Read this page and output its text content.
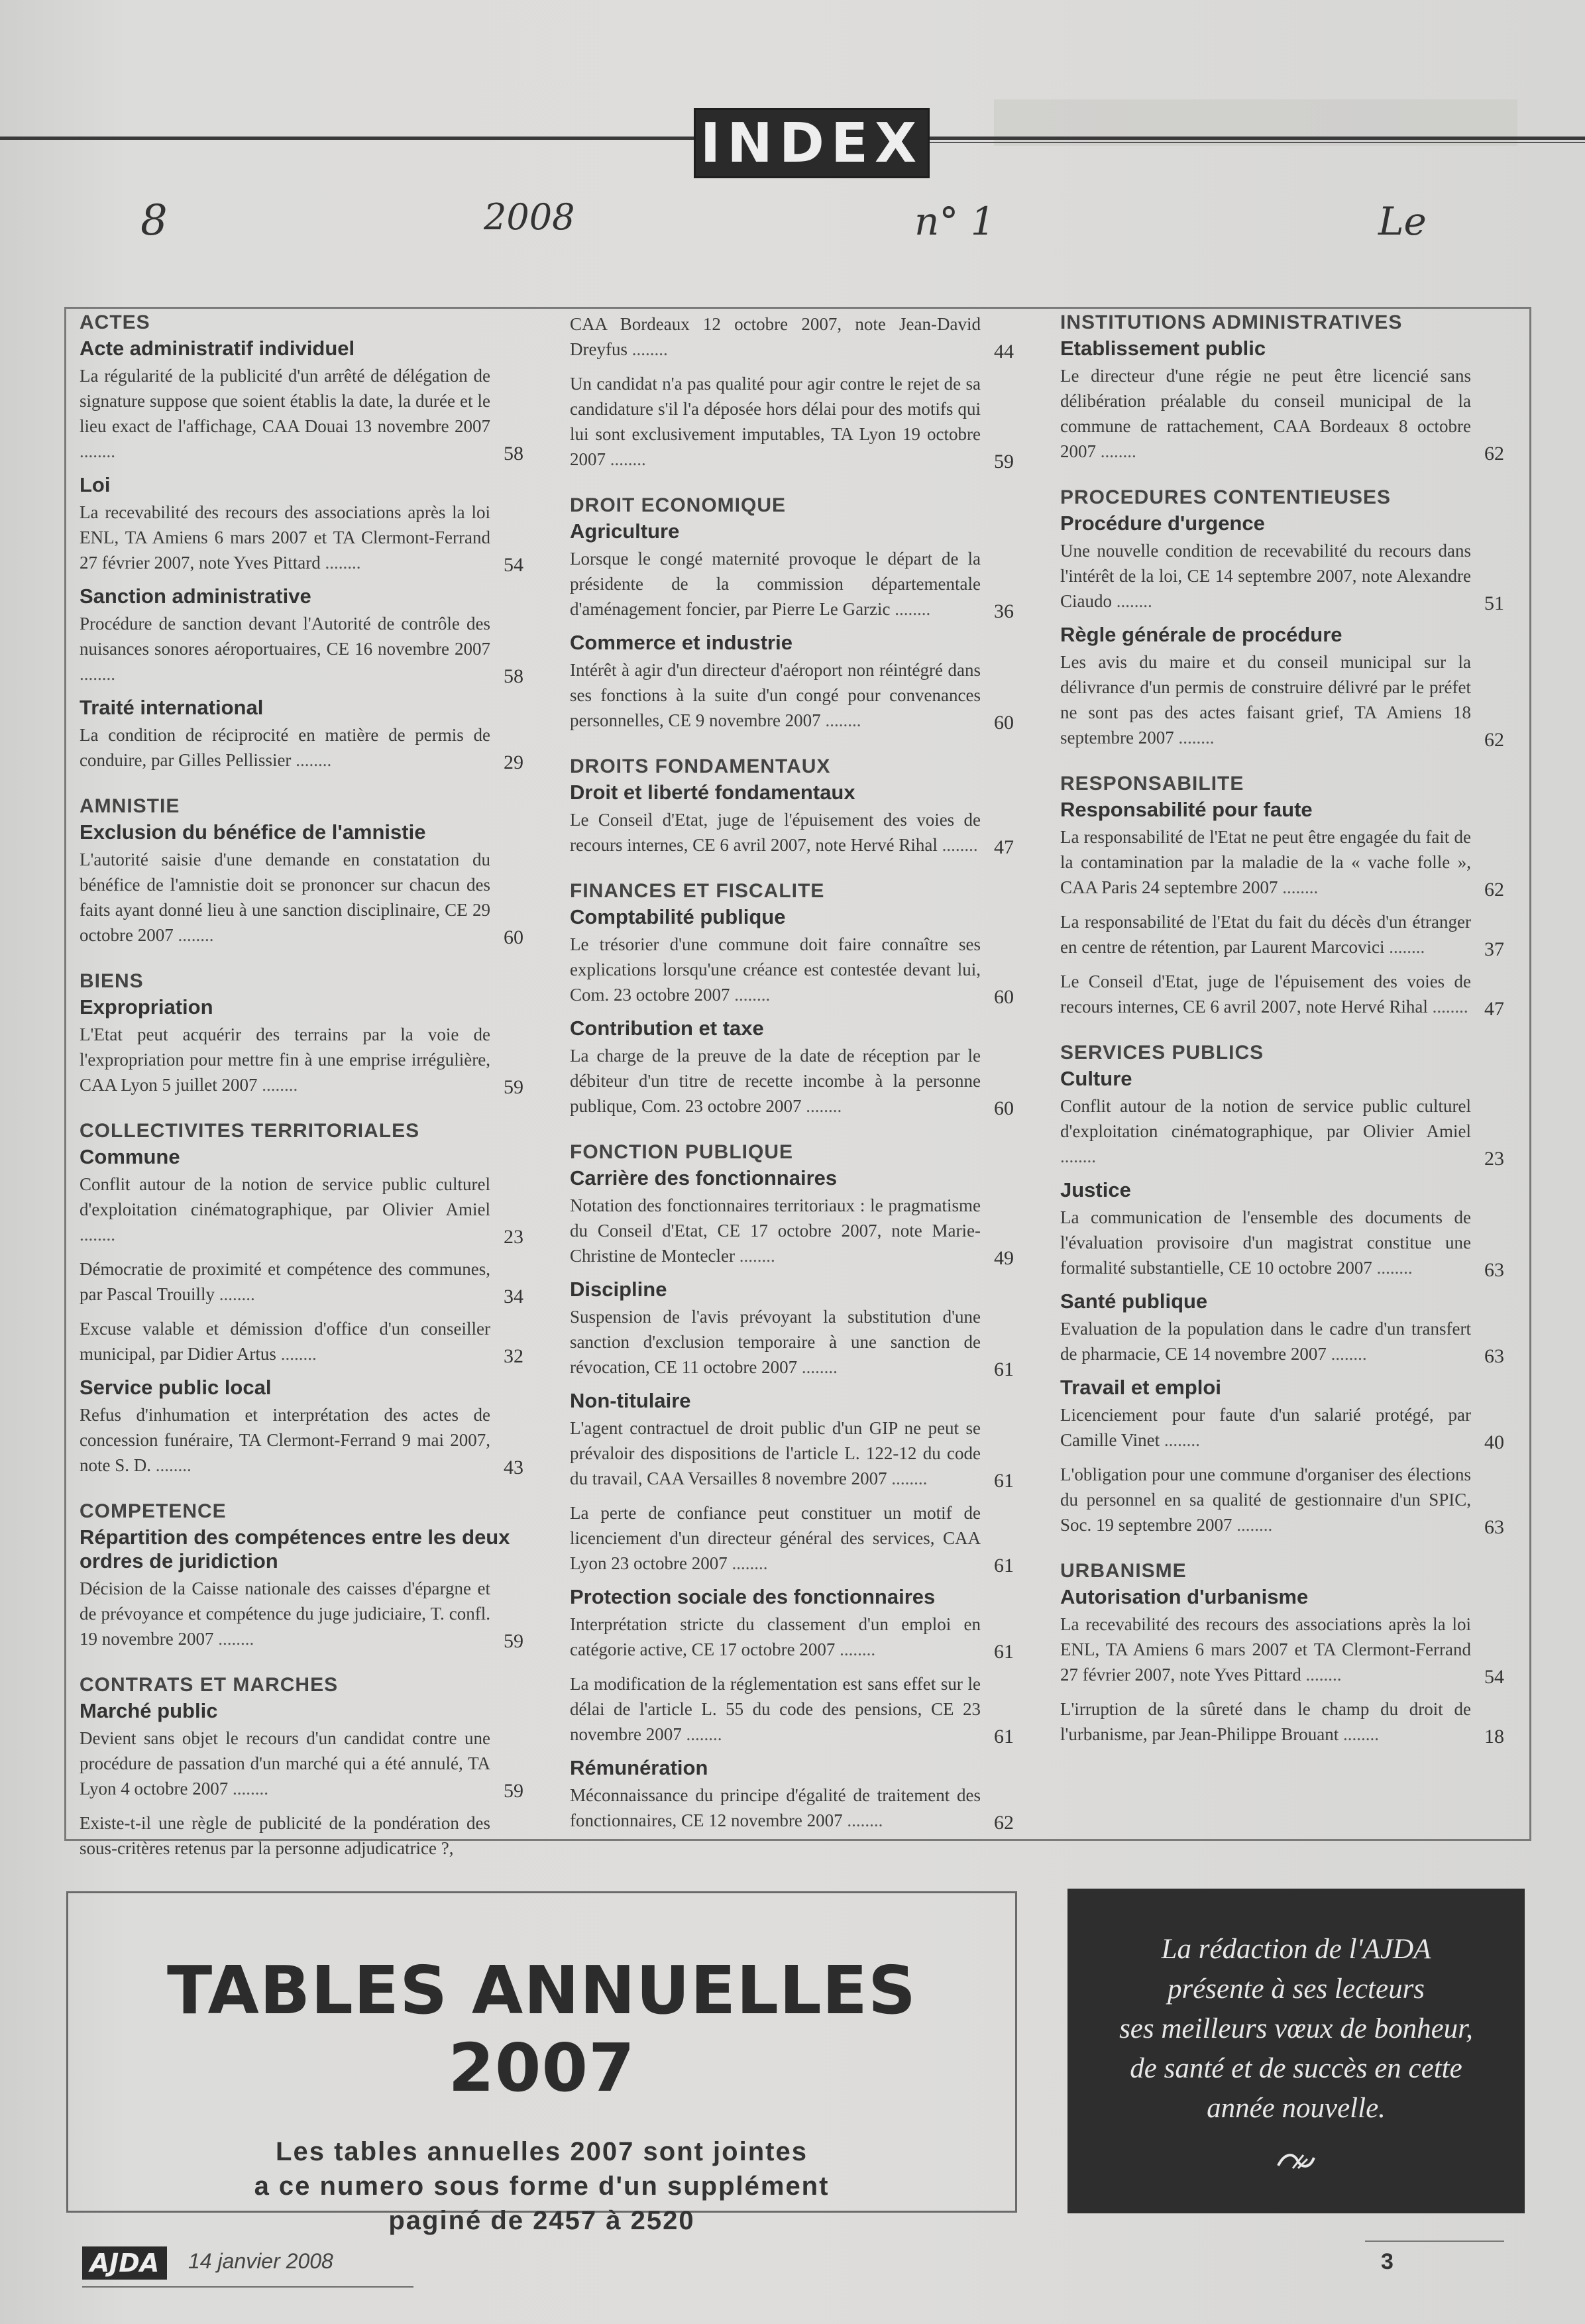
INDEX
8	2008	n° 1	Le
ACTES
Acte administratif individuel
La régularité de la publicité d'un arrêté de délégation de signature suppose que soient établis la date, la durée et le lieu exact de l'affichage, CAA Douai 13 novembre 2007 ........	58
Loi
La recevabilité des recours des associations après la loi ENL, TA Amiens 6 mars 2007 et TA Clermont-Ferrand 27 février 2007, note Yves Pittard ........	54
Sanction administrative
Procédure de sanction devant l'Autorité de contrôle des nuisances sonores aéroportuaires, CE 16 novembre 2007 ........	58
Traité international
La condition de réciprocité en matière de permis de conduire, par Gilles Pellissier ........	29
AMNISTIE
Exclusion du bénéfice de l'amnistie
L'autorité saisie d'une demande en constatation du bénéfice de l'amnistie doit se prononcer sur chacun des faits ayant donné lieu à une sanction disciplinaire, CE 29 octobre 2007 ........	60
BIENS
Expropriation
L'Etat peut acquérir des terrains par la voie de l'expropriation pour mettre fin à une emprise irrégulière, CAA Lyon 5 juillet 2007 ........	59
COLLECTIVITES TERRITORIALES
Commune
Conflit autour de la notion de service public culturel d'exploitation cinématographique, par Olivier Amiel ........	23
Démocratie de proximité et compétence des communes, par Pascal Trouilly ........	34
Excuse valable et démission d'office d'un conseiller municipal, par Didier Artus ........	32
Service public local
Refus d'inhumation et interprétation des actes de concession funéraire, TA Clermont-Ferrand 9 mai 2007, note S. D. ........	43
COMPETENCE
Répartition des compétences entre les deux ordres de juridiction
Décision de la Caisse nationale des caisses d'épargne et de prévoyance et compétence du juge judiciaire, T. confl. 19 novembre 2007 ........	59
CONTRATS ET MARCHES
Marché public
Devient sans objet le recours d'un candidat contre une procédure de passation d'un marché qui a été annulé, TA Lyon 4 octobre 2007 ........	59
Existe-t-il une règle de publicité de la pondération des sous-critères retenus par la personne adjudicatrice ?,
CAA Bordeaux 12 octobre 2007, note Jean-David Dreyfus ........	44
Un candidat n'a pas qualité pour agir contre le rejet de sa candidature s'il l'a déposée hors délai pour des motifs qui lui sont exclusivement imputables, TA Lyon 19 octobre 2007 ........	59
DROIT ECONOMIQUE
Agriculture
Lorsque le congé maternité provoque le départ de la présidente de la commission départementale d'aménagement foncier, par Pierre Le Garzic ........	36
Commerce et industrie
Intérêt à agir d'un directeur d'aéroport non réintégré dans ses fonctions à la suite d'un congé pour convenances personnelles, CE 9 novembre 2007 ........	60
DROITS FONDAMENTAUX
Droit et liberté fondamentaux
Le Conseil d'Etat, juge de l'épuisement des voies de recours internes, CE 6 avril 2007, note Hervé Rihal ........ 47
FINANCES ET FISCALITE
Comptabilité publique
Le trésorier d'une commune doit faire connaître ses explications lorsqu'une créance est contestée devant lui, Com. 23 octobre 2007 ........	60
Contribution et taxe
La charge de la preuve de la date de réception par le débiteur d'un titre de recette incombe à la personne publique, Com. 23 octobre 2007 ........	60
FONCTION PUBLIQUE
Carrière des fonctionnaires
Notation des fonctionnaires territoriaux : le pragmatisme du Conseil d'Etat, CE 17 octobre 2007, note Marie-Christine de Montecler ........	49
Discipline
Suspension de l'avis prévoyant la substitution d'une sanction d'exclusion temporaire à une sanction de révocation, CE 11 octobre 2007 ........	61
Non-titulaire
L'agent contractuel de droit public d'un GIP ne peut se prévaloir des dispositions de l'article L. 122-12 du code du travail, CAA Versailles 8 novembre 2007 ........	61
La perte de confiance peut constituer un motif de licenciement d'un directeur général des services, CAA Lyon 23 octobre 2007 ........	61
Protection sociale des fonctionnaires
Interprétation stricte du classement d'un emploi en catégorie active, CE 17 octobre 2007 ........	61
La modification de la réglementation est sans effet sur le délai de l'article L. 55 du code des pensions, CE 23 novembre 2007 ........	61
Rémunération
Méconnaissance du principe d'égalité de traitement des fonctionnaires, CE 12 novembre 2007 ........	62
INSTITUTIONS ADMINISTRATIVES
Etablissement public
Le directeur d'une régie ne peut être licencié sans délibération préalable du conseil municipal de la commune de rattachement, CAA Bordeaux 8 octobre 2007 ........	62
PROCEDURES CONTENTIEUSES
Procédure d'urgence
Une nouvelle condition de recevabilité du recours dans l'intérêt de la loi, CE 14 septembre 2007, note Alexandre Ciaudo ........	51
Règle générale de procédure
Les avis du maire et du conseil municipal sur la délivrance d'un permis de construire délivré par le préfet ne sont pas des actes faisant grief, TA Amiens 18 septembre 2007 ........	62
RESPONSABILITE
Responsabilité pour faute
La responsabilité de l'Etat ne peut être engagée du fait de la contamination par la maladie de la « vache folle », CAA Paris 24 septembre 2007 ........	62
La responsabilité de l'Etat du fait du décès d'un étranger en centre de rétention, par Laurent Marcovici ........	37
Le Conseil d'Etat, juge de l'épuisement des voies de recours internes, CE 6 avril 2007, note Hervé Rihal ........ 47
SERVICES PUBLICS
Culture
Conflit autour de la notion de service public culturel d'exploitation cinématographique, par Olivier Amiel ........	23
Justice
La communication de l'ensemble des documents de l'évaluation provisoire d'un magistrat constitue une formalité substantielle, CE 10 octobre 2007 ........	63
Santé publique
Evaluation de la population dans le cadre d'un transfert de pharmacie, CE 14 novembre 2007 ........	63
Travail et emploi
Licenciement pour faute d'un salarié protégé, par Camille Vinet ........	40
L'obligation pour une commune d'organiser des élections du personnel en sa qualité de gestionnaire d'un SPIC, Soc. 19 septembre 2007 ........	63
URBANISME
Autorisation d'urbanisme
La recevabilité des recours des associations après la loi ENL, TA Amiens 6 mars 2007 et TA Clermont-Ferrand 27 février 2007, note Yves Pittard ........	54
L'irruption de la sûreté dans le champ du droit de l'urbanisme, par Jean-Philippe Brouant ........	18
TABLES ANNUELLES 2007
Les tables annuelles 2007 sont jointes
a ce numero sous forme d'un supplément
paginé de 2457 à 2520
La rédaction de l'AJDA
présente à ses lecteurs
ses meilleurs vœux de bonheur,
de santé et de succès en cette
année nouvelle.
AJDA	14 janvier 2008	3
